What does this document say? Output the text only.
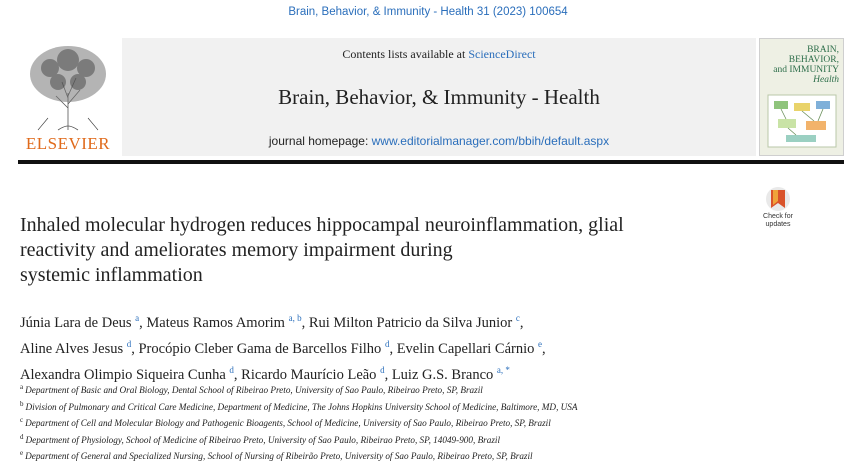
Brain, Behavior, & Immunity - Health 31 (2023) 100654
ELSEVIER
Contents lists available at ScienceDirect
Brain, Behavior, & Immunity - Health
journal homepage: www.editorialmanager.com/bbih/default.aspx
BRAIN,
BEHAVIOR,
and IMMUNITY
Health
Check for
updates
Inhaled molecular hydrogen reduces hippocampal neuroinflammation, glial
reactivity and ameliorates memory impairment during
systemic inflammation
Júnia Lara de Deus $^a$, Mateus Ramos Amorim $^{a, b}$, Rui Milton Patricio da Silva Junior $^c$,
Aline Alves Jesus $^d$, Procópio Cleber Gama de Barcellos Filho $^d$, Evelin Capellari Cárnio $^e$,
Alexandra Olimpio Siqueira Cunha $^d$, Ricardo Maurício Leão $^d$, Luiz G.S. Branco $^{a, *}$
$^a$ Department of Basic and Oral Biology, Dental School of Ribeirao Preto, University of Sao Paulo, Ribeirao Preto, SP, Brazil
$^b$ Division of Pulmonary and Critical Care Medicine, Department of Medicine, The Johns Hopkins University School of Medicine, Baltimore, MD, USA
$^c$ Department of Cell and Molecular Biology and Pathogenic Bioagents, School of Medicine, University of Sao Paulo, Ribeirao Preto, SP, Brazil
$^d$ Department of Physiology, School of Medicine of Ribeirao Preto, University of Sao Paulo, Ribeirao Preto, SP, 14049-900, Brazil
$^e$ Department of General and Specialized Nursing, School of Nursing of Ribeirão Preto, University of Sao Paulo, Ribeirao Preto, SP, Brazil
